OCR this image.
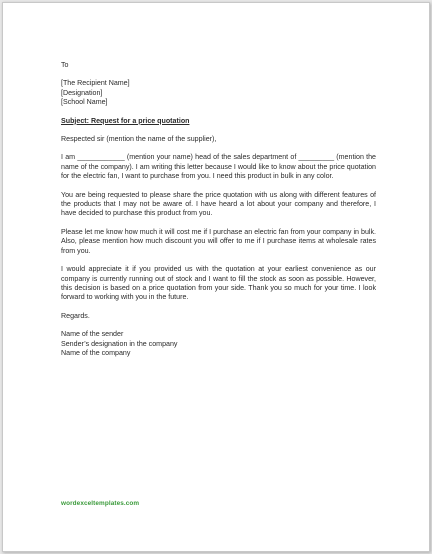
To
[The Recipient Name]
[Designation]
[School Name]

Subject: Request for a price quotation

Respected sir (mention the name of the supplier),

I am ____________ (mention your name) head of the sales department of _________ (mention the name of the company). I am writing this letter because I would like to know about the price quotation for the electric fan, I want to purchase from you. I need this product in bulk in any color.

You are being requested to please share the price quotation with us along with different features of the products that I may not be aware of. I have heard a lot about your company and therefore, I have decided to purchase this product from you.

Please let me know how much it will cost me if I purchase an electric fan from your company in bulk. Also, please mention how much discount you will offer to me if I purchase items at wholesale rates from you.

I would appreciate it if you provided us with the quotation at your earliest convenience as our company is currently running out of stock and I want to fill the stock as soon as possible. However, this decision is based on a price quotation from your side. Thank you so much for your time. I look forward to working with you in the future.

Regards.

Name of the sender
Sender’s designation in the company
Name of the company
wordexceltemplates.com
